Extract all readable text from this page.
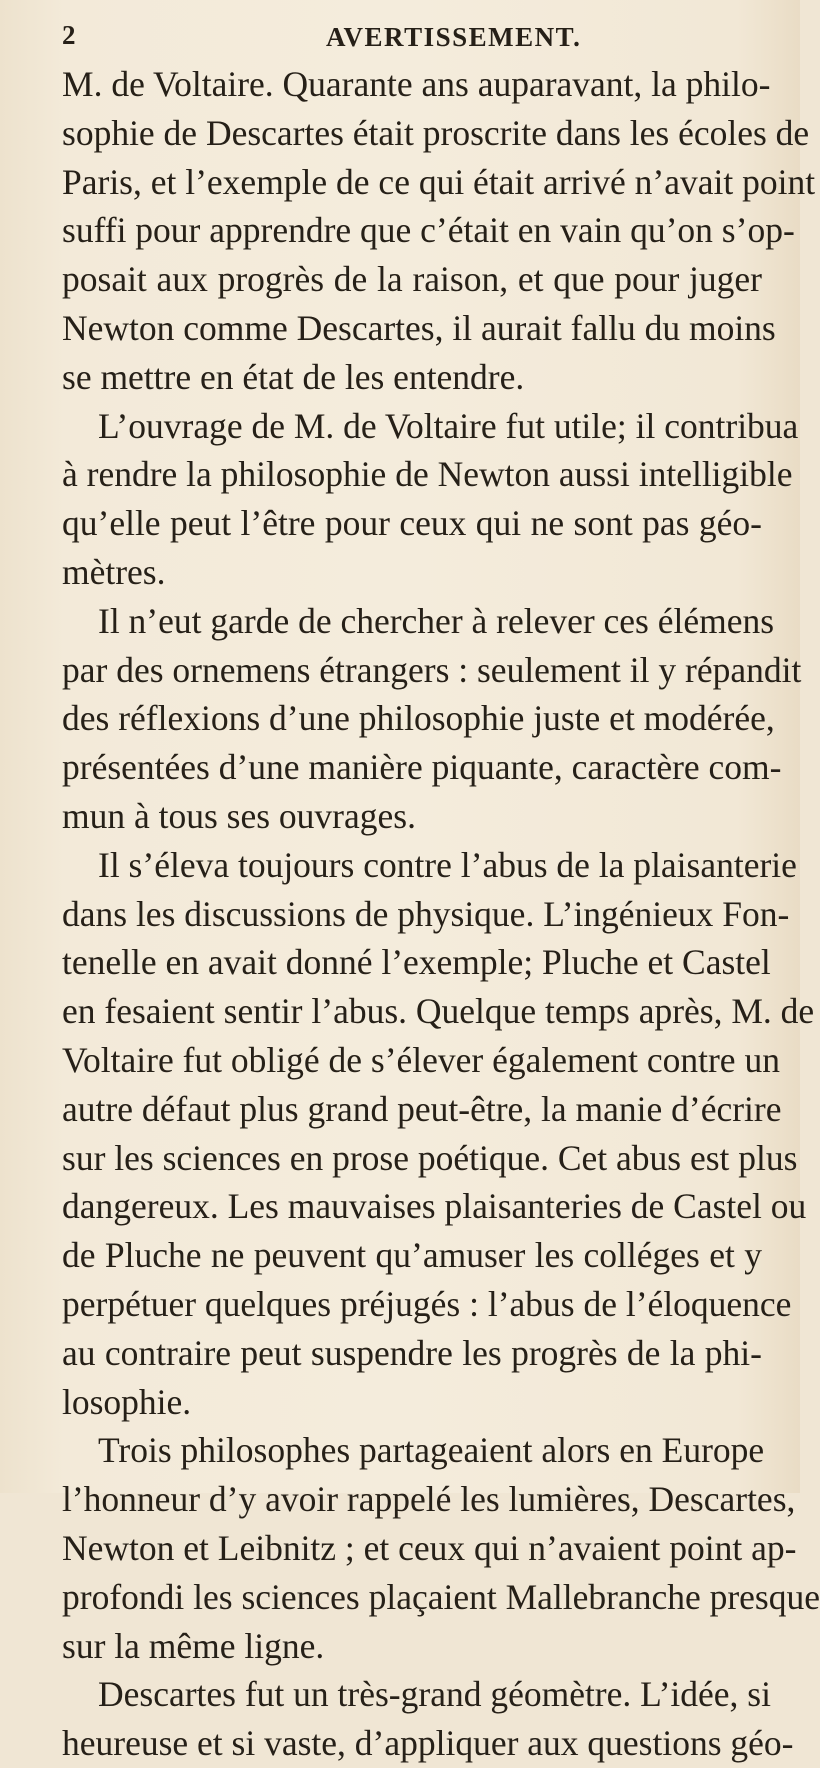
2	AVERTISSEMENT.
M. de Voltaire. Quarante ans auparavant, la philo-
sophie de Descartes était proscrite dans les écoles de
Paris, et l’exemple de ce qui était arrivé n’avait point
suffi pour apprendre que c’était en vain qu’on s’op-
posait aux progrès de la raison, et que pour juger
Newton comme Descartes, il aurait fallu du moins
se mettre en état de les entendre.
L’ouvrage de M. de Voltaire fut utile; il contribua
à rendre la philosophie de Newton aussi intelligible
qu’elle peut l’être pour ceux qui ne sont pas géo-
mètres.
Il n’eut garde de chercher à relever ces élémens
par des ornemens étrangers : seulement il y répandit
des réflexions d’une philosophie juste et modérée,
présentées d’une manière piquante, caractère com-
mun à tous ses ouvrages.
Il s’éleva toujours contre l’abus de la plaisanterie
dans les discussions de physique. L’ingénieux Fon-
tenelle en avait donné l’exemple; Pluche et Castel
en fesaient sentir l’abus. Quelque temps après, M. de
Voltaire fut obligé de s’élever également contre un
autre défaut plus grand peut-être, la manie d’écrire
sur les sciences en prose poétique. Cet abus est plus
dangereux. Les mauvaises plaisanteries de Castel ou
de Pluche ne peuvent qu’amuser les colléges et y
perpétuer quelques préjugés : l’abus de l’éloquence
au contraire peut suspendre les progrès de la phi-
losophie.
Trois philosophes partageaient alors en Europe
l’honneur d’y avoir rappelé les lumières, Descartes,
Newton et Leibnitz ; et ceux qui n’avaient point ap-
profondi les sciences plaçaient Mallebranche presque
sur la même ligne.
Descartes fut un très-grand géomètre. L’idée, si
heureuse et si vaste, d’appliquer aux questions géo-
